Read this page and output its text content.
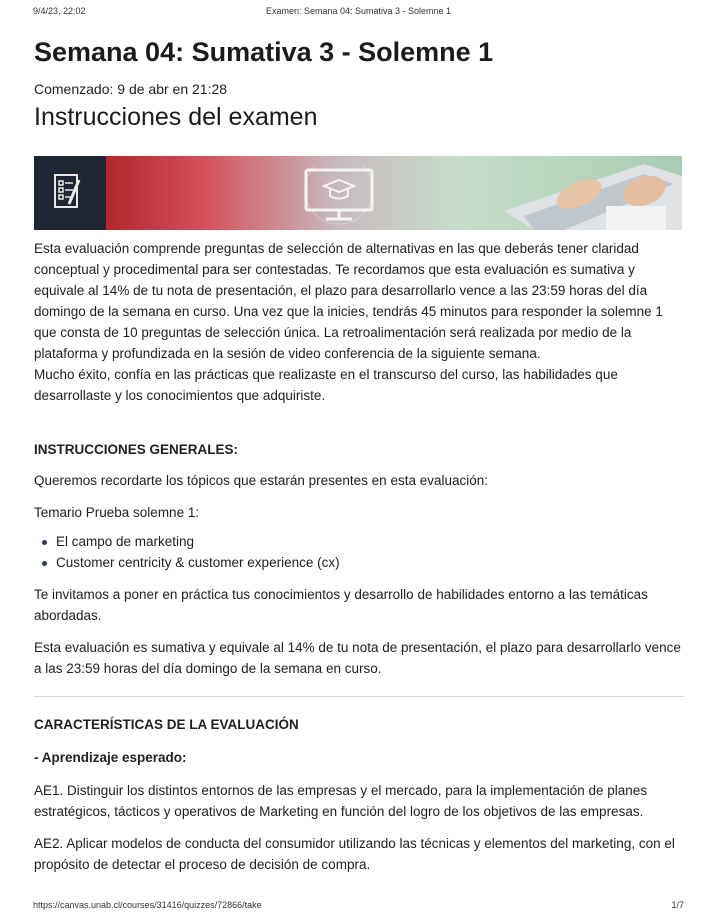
9/4/23, 22:02	Examen: Semana 04: Sumativa 3 - Solemne 1
Semana 04: Sumativa 3 - Solemne 1
Comenzado: 9 de abr en 21:28
Instrucciones del examen

Esta evaluación comprende preguntas de selección de alternativas en las que deberás tener claridad conceptual y procedimental para ser contestadas. Te recordamos que esta evaluación es sumativa y equivale al 14% de tu nota de presentación, el plazo para desarrollarlo vence a las 23:59 horas del día domingo de la semana en curso. Una vez que la inicies, tendrás 45 minutos para responder la solemne 1 que consta de 10 preguntas de selección única. La retroalimentación será realizada por medio de la plataforma y profundizada en la sesión de video conferencia de la siguiente semana.

Mucho éxito, confía en las prácticas que realizaste en el transcurso del curso, las habilidades que desarrollaste y los conocimientos que adquiriste.

INSTRUCCIONES GENERALES:

Queremos recordarte los tópicos que estarán presentes en esta evaluación:

Temario Prueba solemne 1:

El campo de marketing
Customer centricity & customer experience (cx)

Te invitamos a poner en práctica tus conocimientos y desarrollo de habilidades entorno a las temáticas abordadas.

Esta evaluación es sumativa y equivale al 14% de tu nota de presentación, el plazo para desarrollarlo vence a las 23:59 horas del día domingo de la semana en curso.

CARACTERÍSTICAS DE LA EVALUACIÓN
- Aprendizaje esperado:

AE1. Distinguir los distintos entornos de las empresas y el mercado, para la implementación de planes estratégicos, tácticos y operativos de Marketing en función del logro de los objetivos de las empresas.

AE2. Aplicar modelos de conducta del consumidor utilizando las técnicas y elementos del marketing, con el propósito de detectar el proceso de decisión de compra.

https://canvas.unab.cl/courses/31416/quizzes/72866/take	1/7
